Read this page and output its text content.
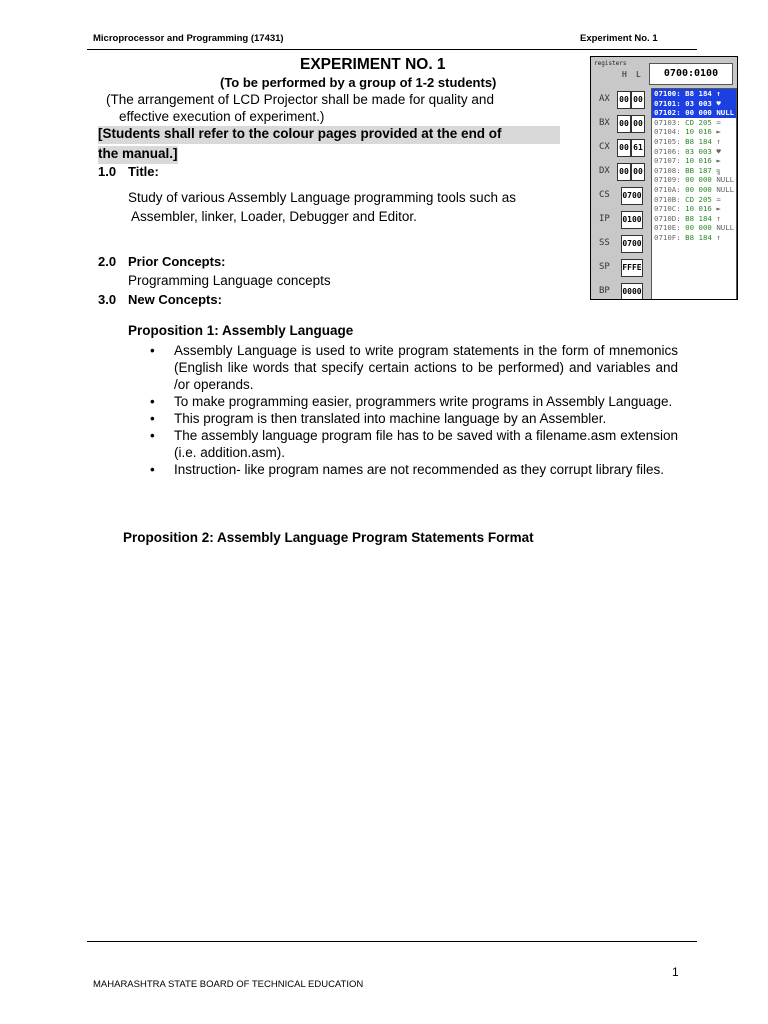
Microprocessor and Programming (17431)	Experiment No. 1
EXPERIMENT NO. 1
(To be performed by a group of 1-2 students)
(The arrangement of LCD Projector shall be made for quality and
effective execution of experiment.)
[Students shall refer to the colour pages provided at the end of
the manual.]
1.0 Title:
Study of various Assembly Language programming tools such as
Assembler, linker, Loader, Debugger and Editor.
2.0 Prior Concepts:
Programming Language concepts
3.0 New Concepts:
Proposition 1: Assembly Language

• Assembly Language is used to write program statements in the form of mnemonics (English like words that specify certain actions to be performed) and variables and /or operands.

• To make programming easier, programmers write programs in Assembly Language.

• This program is then translated into machine language by an Assembler.

• The assembly language program file has to be saved with a filename.asm extension (i.e. addition.asm).

• Instruction- like program names are not recommended as they corrupt library files.

Proposition 2: Assembly Language Program Statements Format
registers
H L	0700:0100
AX 00 00
BX 00 00
CX 00 61
DX 00 00
CS 0700
IP 0100
SS 0700
SP FFFE
BP 0000
07100: B8 184 ↑
07101: 03 003 ♥
07102: 00 000 NULL
07103: CD 205 =
07104: 10 016 ►
07105: B8 184 ↑
07106: 03 003 ♥
07107: 10 016 ►
07108: BB 187 ╗
07109: 00 000 NULL
0710A: 00 000 NULL
0710B: CD 205 =
0710C: 10 016 ►
0710D: B8 184 ↑
0710E: 00 000 NULL
0710F: B8 184 ↑
1
MAHARASHTRA STATE BOARD OF TECHNICAL EDUCATION
